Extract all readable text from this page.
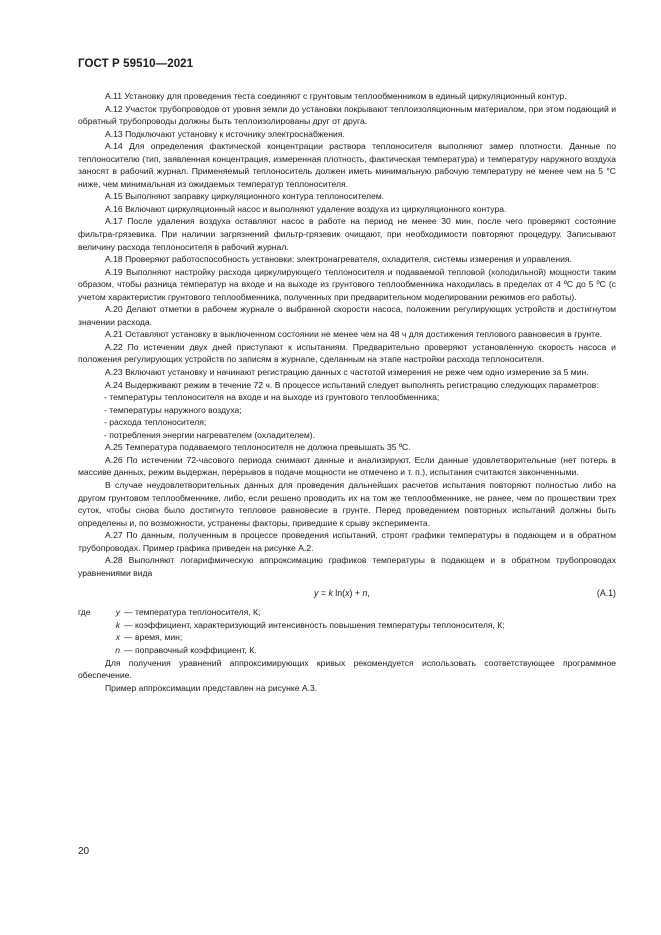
ГОСТ Р 59510—2021

А.11 Установку для проведения теста соединяют с грунтовым теплообменником в единый циркуляционный контур.

А.12 Участок трубопроводов от уровня земли до установки покрывают теплоизоляционным материалом, при этом подающий и обратный трубопроводы должны быть теплоизолированы друг от друга.

А.13 Подключают установку к источнику электроснабжения.

А.14 Для определения фактической концентрации раствора теплоносителя выполняют замер плотности. Данные по теплоносителю (тип, заявленная концентрация, измеренная плотность, фактическая температура) и температуру наружного воздуха заносят в рабочий журнал. Применяемый теплоноситель должен иметь минимальную рабочую температуру не менее чем на 5 °С ниже, чем минимальная из ожидаемых температур теплоносителя.

А.15 Выполняют заправку циркуляционного контура теплоносителем.

А.16 Включают циркуляционный насос и выполняют удаление воздуха из циркуляционного контура.

А.17 После удаления воздуха оставляют насос в работе на период не менее 30 мин, после чего проверяют состояние фильтра-грязевика. При наличии загрязнений фильтр-грязевик очищают, при необходимости повторяют процедуру. Записывают величину расхода теплоносителя в рабочий журнал.

А.18 Проверяют работоспособность установки: электронагревателя, охладителя, системы измерения и управления.

А.19 Выполняют настройку расхода циркулирующего теплоносителя и подаваемой тепловой (холодильной) мощности таким образом, чтобы разница температур на входе и на выходе из грунтового теплообменника находилась в пределах от 4 ºС до 5 ºС (с учетом характеристик грунтового теплообменника, полученных при предварительном моделировании режимов его работы).

А.20 Делают отметки в рабочем журнале о выбранной скорости насоса, положении регулирующих устройств и достигнутом значении расхода.

А.21 Оставляют установку в выключенном состоянии не менее чем на 48 ч для достижения теплового равновесия в грунте.

А.22 По истечении двух дней приступают к испытаниям. Предварительно проверяют установленную скорость насоса и положения регулирующих устройств по записям в журнале, сделанным на этапе настройки расхода теплоносителя.

А.23 Включают установку и начинают регистрацию данных с частотой измерения не реже чем одно измерение за 5 мин.

А.24 Выдерживают режим в течение 72 ч. В процессе испытаний следует выполнять регистрацию следующих параметров:

- температуры теплоносителя на входе и на выходе из грунтового теплообменника;

- температуры наружного воздуха;

- расхода теплоносителя;

- потребления энергии нагревателем (охладителем).

А.25 Температура подаваемого теплоносителя не должна превышать 35 ºС.

А.26 По истечении 72-часового периода снимают данные и анализируют. Если данные удовлетворительные (нет потерь в массиве данных, режим выдержан, перерывов в подаче мощности не отмечено и т. п.), испытания считаются законченными.

В случае неудовлетворительных данных для проведения дальнейших расчетов испытания повторяют полностью либо на другом грунтовом теплообменнике, либо, если решено проводить их на том же теплообменнике, не ранее, чем по прошествии трех суток, чтобы снова было достигнуто тепловое равновесие в грунте. Перед проведением повторных испытаний должны быть определены и, по возможности, устранены факторы, приведшие к срыву эксперимента.

А.27 По данным, полученным в процессе проведения испытаний, строят графики температуры в подающем и в обратном трубопроводах. Пример графика приведен на рисунке А.2.

А.28 Выполняют логарифмическую аппроксимацию графиков температуры в подающем и в обратном трубопроводах уравнениями вида

y = k ln(x) + n,	(А.1)
где	y — температура теплоносителя, К;
k — коэффициент, характеризующий интенсивность повышения температуры теплоносителя, К;
x — время, мин;
n — поправочный коэффициент, К.

Для получения уравнений аппроксимирующих кривых рекомендуется использовать соответствующее программное обеспечение.

Пример аппроксимации представлен на рисунке А.3.

20
